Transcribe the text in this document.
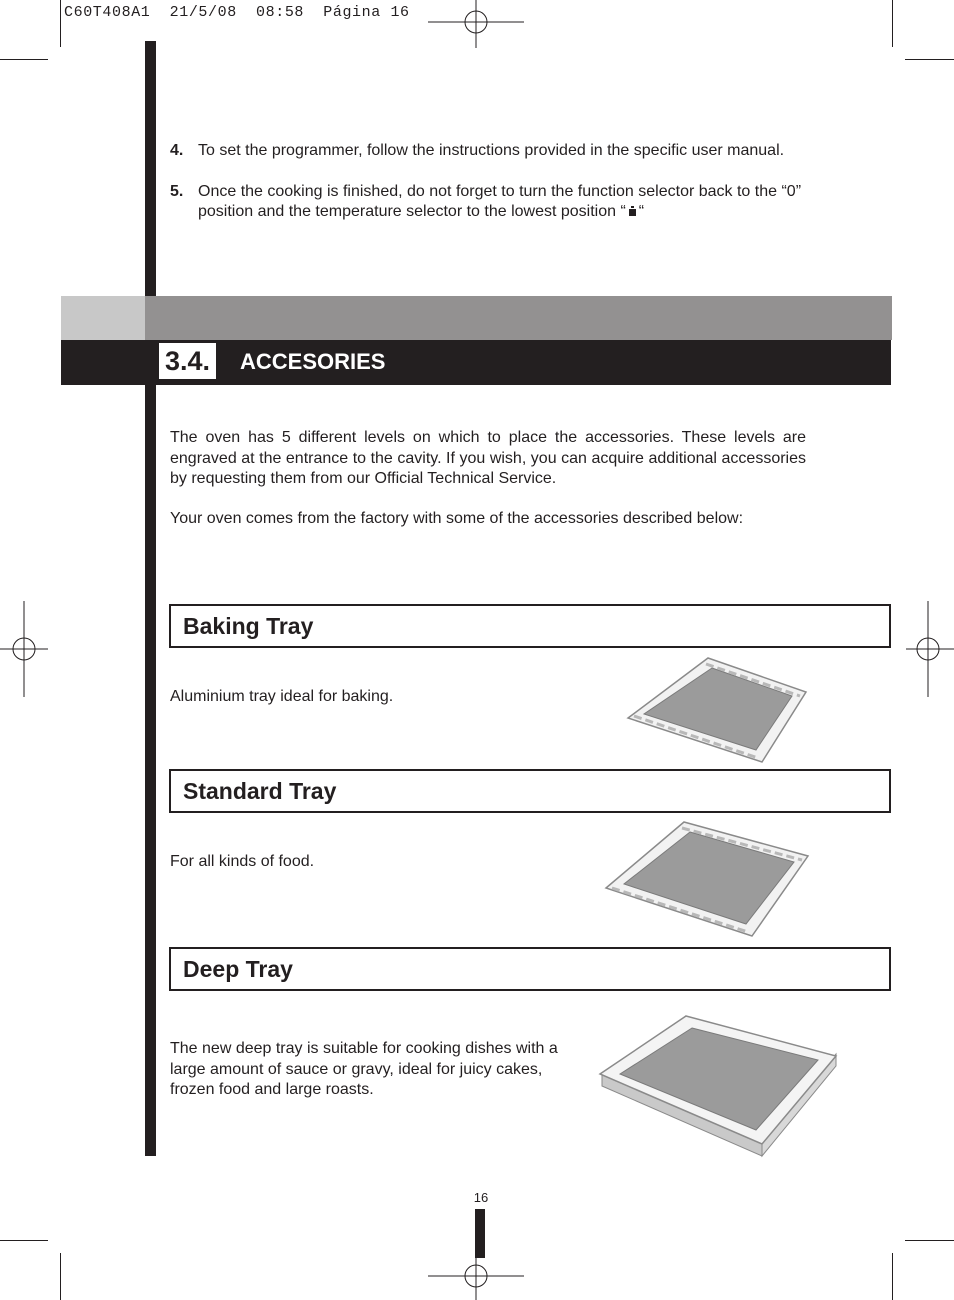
C60T408A1  21/5/08  08:58  Página 16
4. To set the programmer, follow the instructions provided in the specific user manual.
5. Once the cooking is finished, do not forget to turn the function selector back to the “0” position and the temperature selector to the lowest position “ “
3.4. ACCESORIES
The oven has 5 different levels on which to place the accessories. These levels are engraved at the entrance to the cavity. If you wish, you can acquire additional accessories by requesting them from our Official Technical Service.
Your oven comes from the factory with some of the accessories described below:
Baking Tray
Aluminium tray ideal for baking.
Standard Tray
For all kinds of food.
Deep Tray
The new deep tray is suitable for cooking dishes with a large amount of sauce or gravy, ideal for juicy cakes, frozen food and large roasts.
16
